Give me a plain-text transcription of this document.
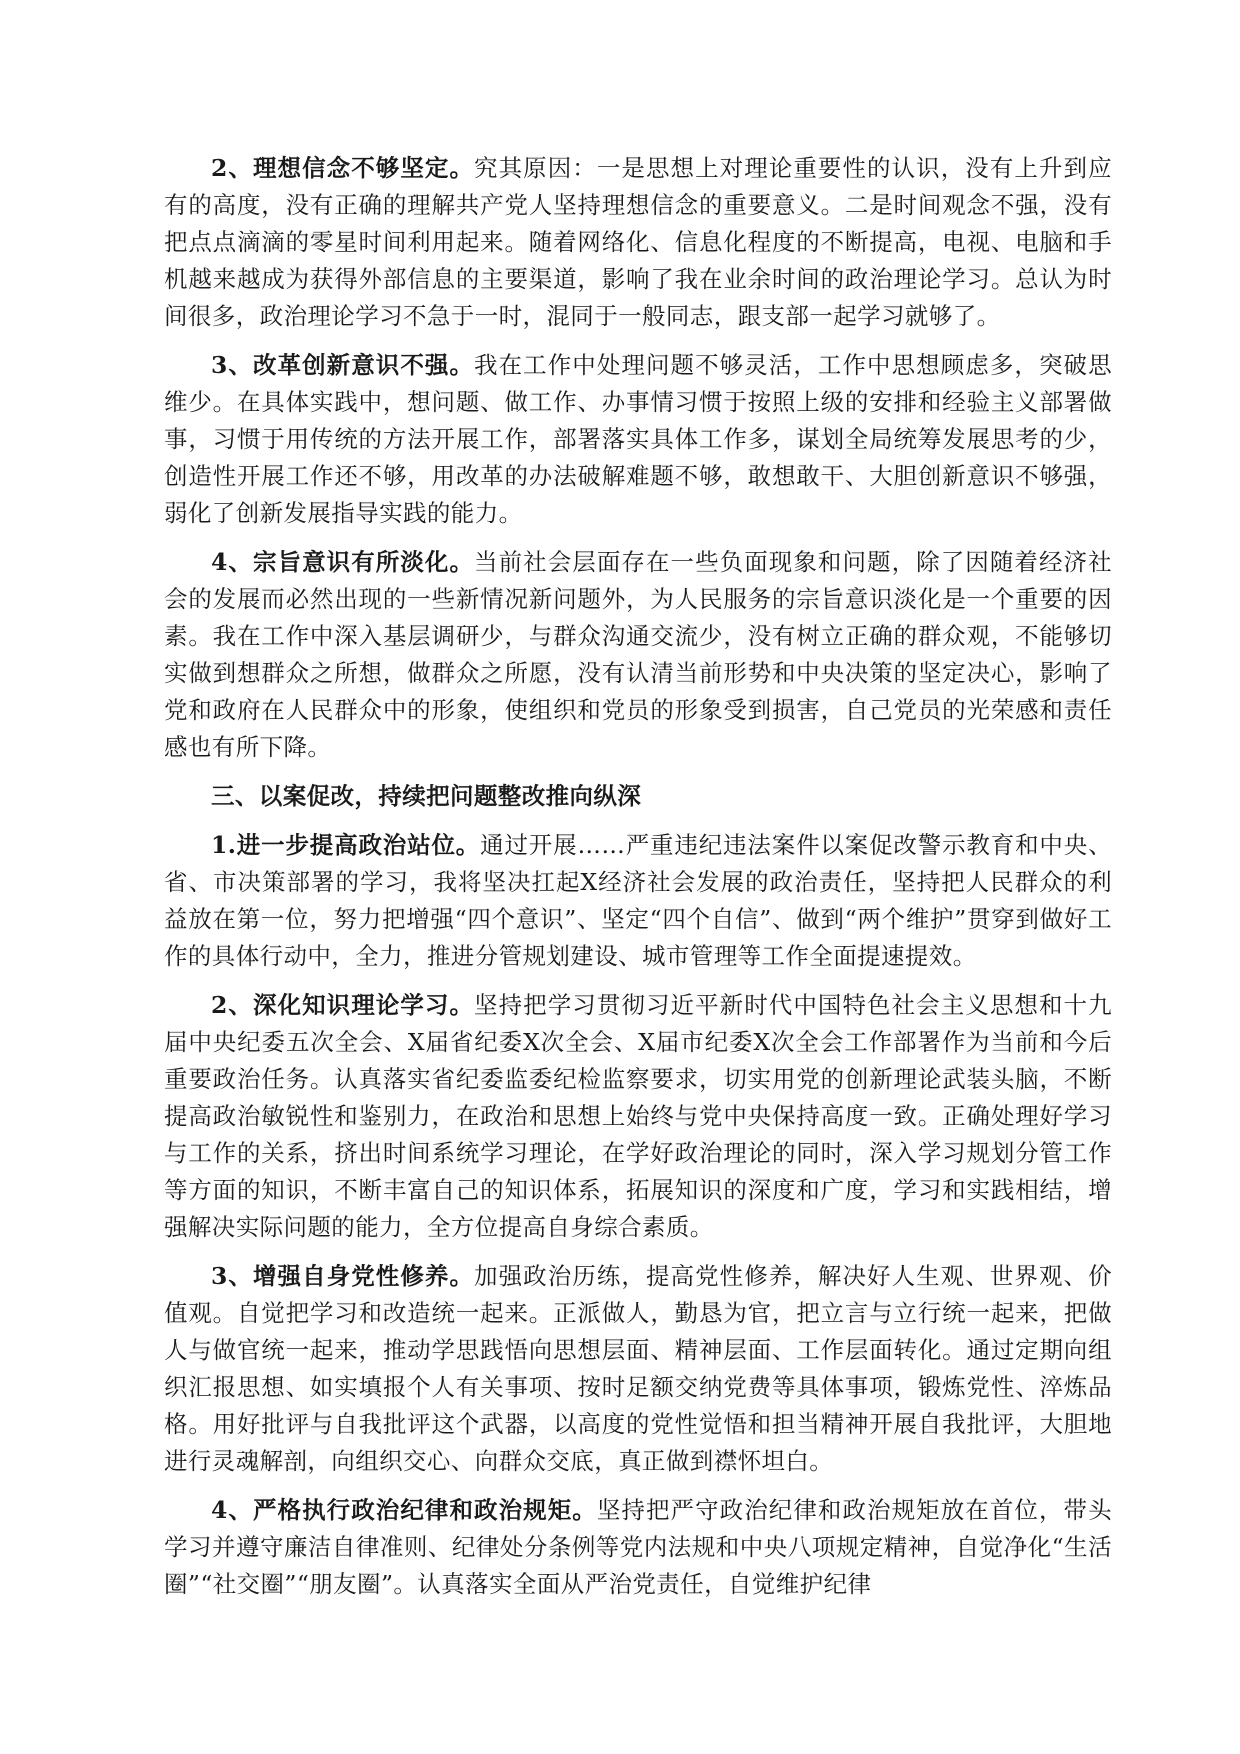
2、理想信念不够坚定。究其原因：一是思想上对理论重要性的认识，没有上升到应有的高度，没有正确的理解共产党人坚持理想信念的重要意义。二是时间观念不强，没有把点点滴滴的零星时间利用起来。随着网络化、信息化程度的不断提高，电视、电脑和手机越来越成为获得外部信息的主要渠道，影响了我在业余时间的政治理论学习。总认为时间很多，政治理论学习不急于一时，混同于一般同志，跟支部一起学习就够了。

3、改革创新意识不强。我在工作中处理问题不够灵活，工作中思想顾虑多，突破思维少。在具体实践中，想问题、做工作、办事情习惯于按照上级的安排和经验主义部署做事，习惯于用传统的方法开展工作，部署落实具体工作多，谋划全局统筹发展思考的少，创造性开展工作还不够，用改革的办法破解难题不够，敢想敢干、大胆创新意识不够强，弱化了创新发展指导实践的能力。

4、宗旨意识有所淡化。当前社会层面存在一些负面现象和问题，除了因随着经济社会的发展而必然出现的一些新情况新问题外，为人民服务的宗旨意识淡化是一个重要的因素。我在工作中深入基层调研少，与群众沟通交流少，没有树立正确的群众观，不能够切实做到想群众之所想，做群众之所愿，没有认清当前形势和中央决策的坚定决心，影响了党和政府在人民群众中的形象，使组织和党员的形象受到损害，自己党员的光荣感和责任感也有所下降。

三、以案促改，持续把问题整改推向纵深

1.进一步提高政治站位。通过开展……严重违纪违法案件以案促改警示教育和中央、省、市决策部署的学习，我将坚决扛起X经济社会发展的政治责任，坚持把人民群众的利益放在第一位，努力把增强“四个意识”、坚定“四个自信”、做到“两个维护”贯穿到做好工作的具体行动中，全力，推进分管规划建设、城市管理等工作全面提速提效。

2、深化知识理论学习。坚持把学习贯彻习近平新时代中国特色社会主义思想和十九届中央纪委五次全会、X届省纪委X次全会、X届市纪委X次全会工作部署作为当前和今后重要政治任务。认真落实省纪委监委纪检监察要求，切实用党的创新理论武装头脑，不断提高政治敏锐性和鉴别力，在政治和思想上始终与党中央保持高度一致。正确处理好学习与工作的关系，挤出时间系统学习理论，在学好政治理论的同时，深入学习规划分管工作等方面的知识，不断丰富自己的知识体系，拓展知识的深度和广度，学习和实践相结，增强解决实际问题的能力，全方位提高自身综合素质。

3、增强自身党性修养。加强政治历练，提高党性修养，解决好人生观、世界观、价值观。自觉把学习和改造统一起来。正派做人，勤恳为官，把立言与立行统一起来，把做人与做官统一起来，推动学思践悟向思想层面、精神层面、工作层面转化。通过定期向组织汇报思想、如实填报个人有关事项、按时足额交纳党费等具体事项，锻炼党性、淬炼品格。用好批评与自我批评这个武器，以高度的党性觉悟和担当精神开展自我批评，大胆地进行灵魂解剖，向组织交心、向群众交底，真正做到襟怀坦白。

4、严格执行政治纪律和政治规矩。坚持把严守政治纪律和政治规矩放在首位，带头学习并遵守廉洁自律准则、纪律处分条例等党内法规和中央八项规定精神，自觉净化“生活圈”“社交圈”“朋友圈”。认真落实全面从严治党责任，自觉维护纪律
